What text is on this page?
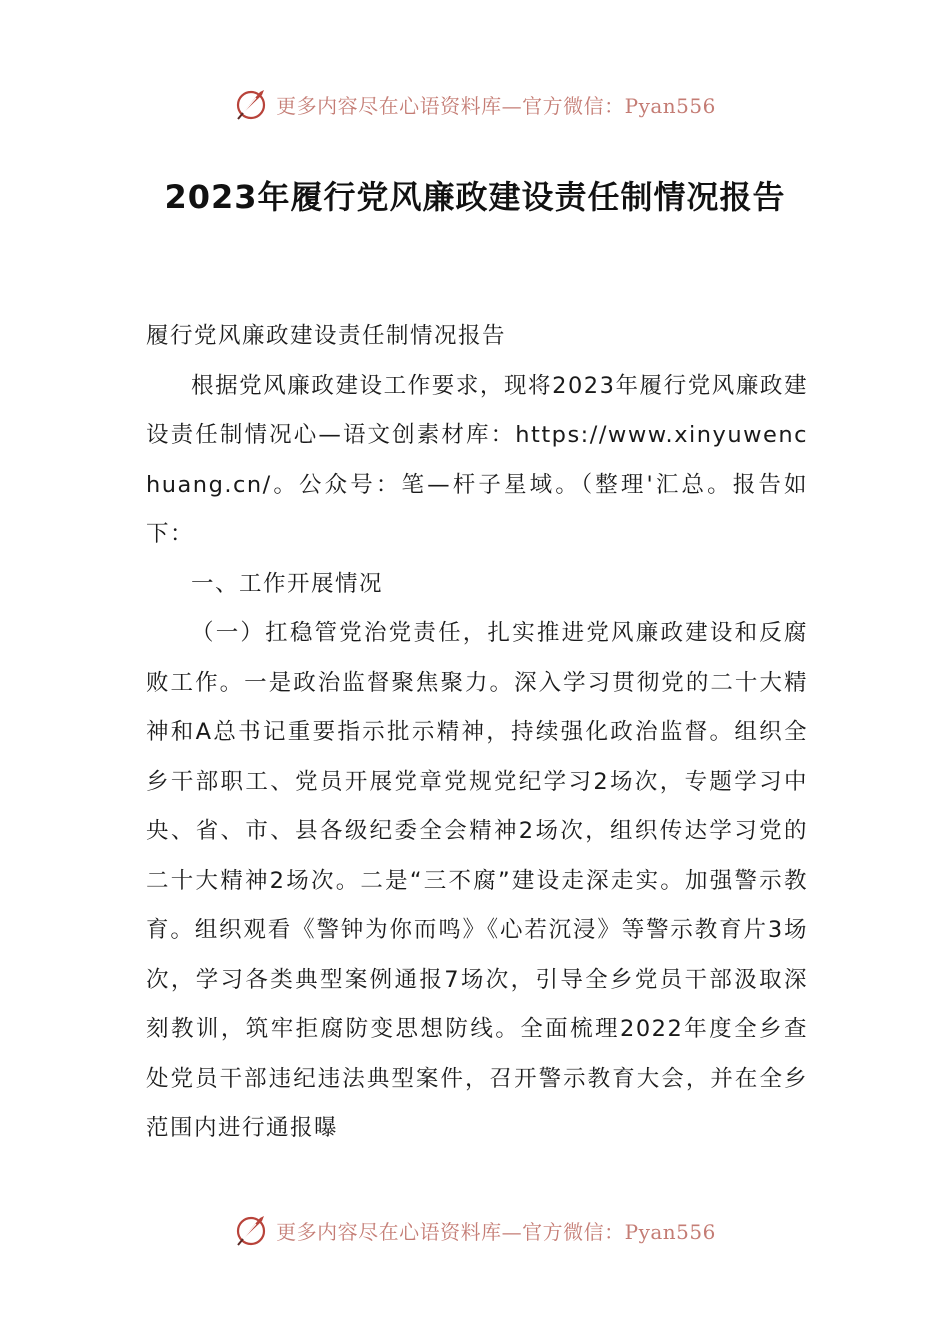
更多内容尽在心语资料库—官方微信：Pyan556
2023年履行党风廉政建设责任制情况报告

履行党风廉政建设责任制情况报告

根据党风廉政建设工作要求，现将2023年履行党风廉政建设责任制情况心—语文创素材库：https://www.xinyuwenchuang.cn/。公众号：笔—杆子星域。（整理'汇总。报告如下：

一、工作开展情况

（一）扛稳管党治党责任，扎实推进党风廉政建设和反腐败工作。一是政治监督聚焦聚力。深入学习贯彻党的二十大精神和A总书记重要指示批示精神，持续强化政治监督。组织全乡干部职工、党员开展党章党规党纪学习2场次，专题学习中央、省、市、县各级纪委全会精神2场次，组织传达学习党的二十大精神2场次。二是“三不腐”建设走深走实。加强警示教育。组织观看《警钟为你而鸣》《心若沉浸》等警示教育片3场次，学习各类典型案例通报7场次，引导全乡党员干部汲取深刻教训，筑牢拒腐防变思想防线。全面梳理2022年度全乡查处党员干部违纪违法典型案件，召开警示教育大会，并在全乡范围内进行通报曝

更多内容尽在心语资料库—官方微信：Pyan556
